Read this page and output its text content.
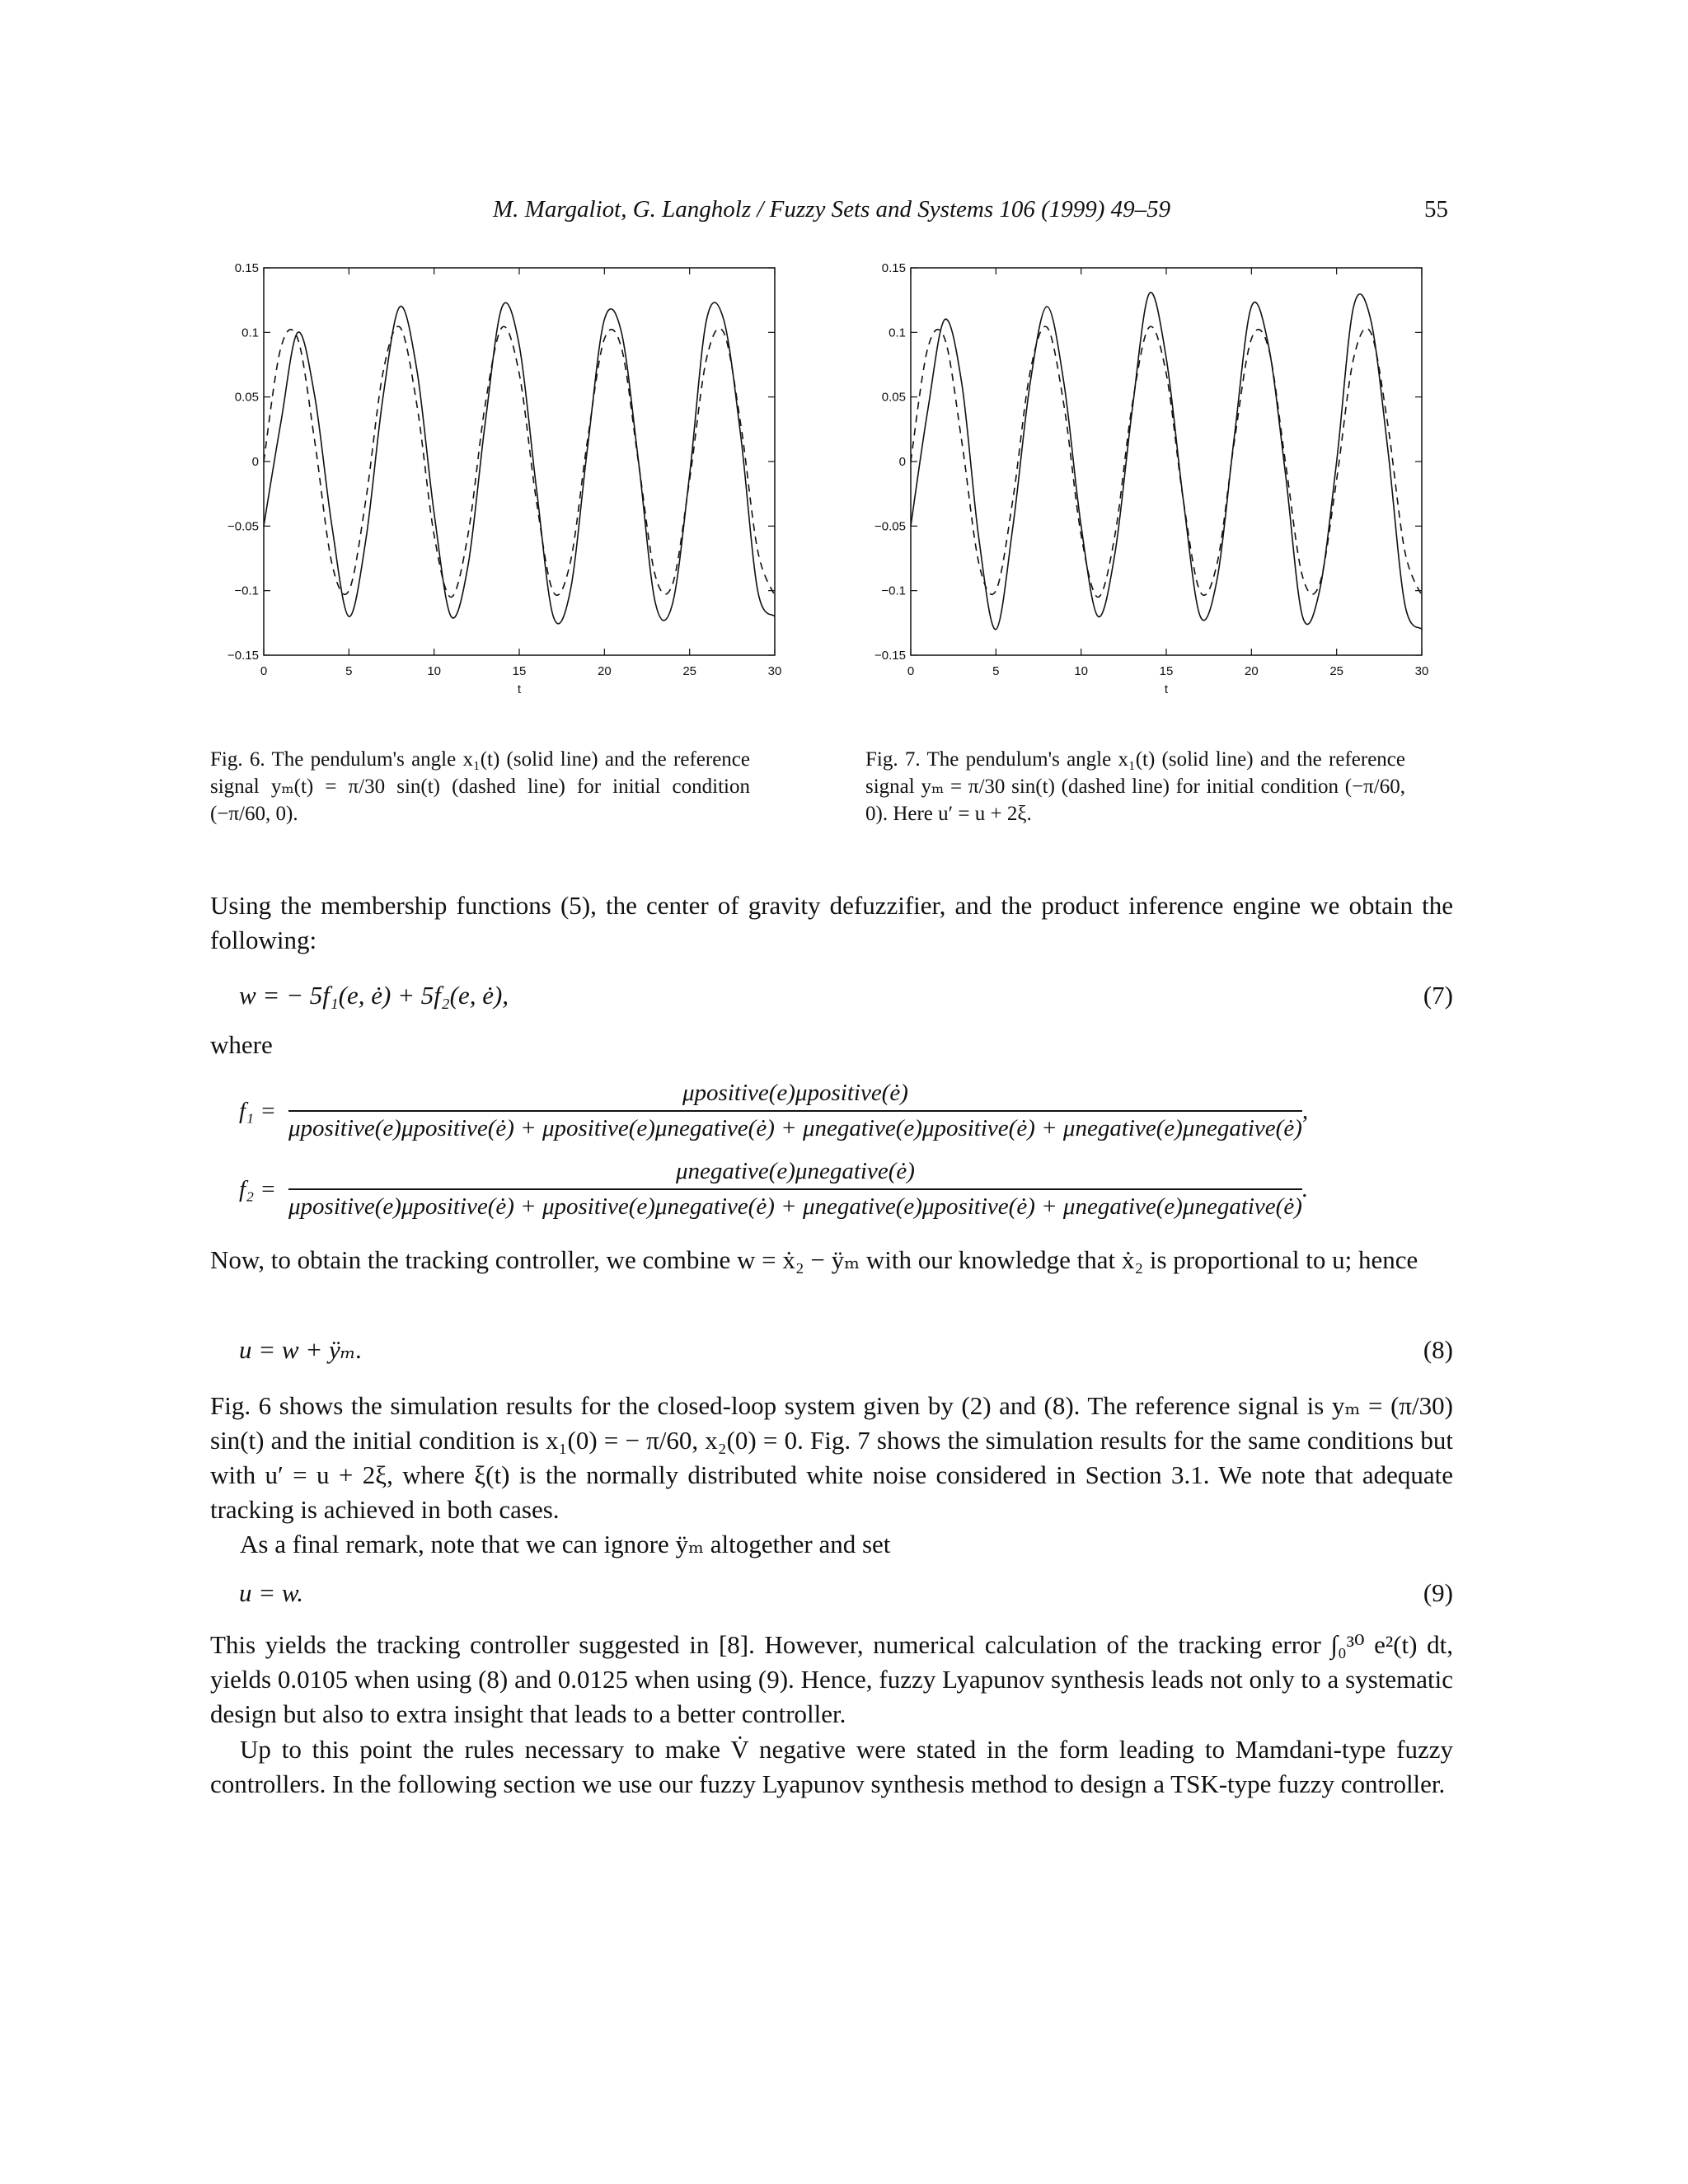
M. Margaliot, G. Langholz / Fuzzy Sets and Systems 106 (1999) 49–59	55
0	5	10	15	20	25	30
0.15
0.1
0.05
0
−0.05
−0.1
−0.15
t
0	5	10	15	20	25	30
0.15
0.1
0.05
0
−0.05
−0.1
−0.15
t
Fig. 6. The pendulum's angle x₁(t) (solid line) and the reference signal yₘ(t) = π/30 sin(t) (dashed line) for initial condition (−π/60, 0).
Fig. 7. The pendulum's angle x₁(t) (solid line) and the reference signal yₘ = π/30 sin(t) (dashed line) for initial condition (−π/60, 0). Here u′ = u + 2ξ.
Using the membership functions (5), the center of gravity defuzzifier, and the product inference engine we obtain the following:
w = − 5f₁(e, ė) + 5f₂(e, ė),	(7)
where
f₁ =
μpositive(e)μpositive(ė)
μpositive(e)μpositive(ė) + μpositive(e)μnegative(ė) + μnegative(e)μpositive(ė) + μnegative(e)μnegative(ė)
,
f₂ =
μnegative(e)μnegative(ė)
μpositive(e)μpositive(ė) + μpositive(e)μnegative(ė) + μnegative(e)μpositive(ė) + μnegative(e)μnegative(ė)
.
Now, to obtain the tracking controller, we combine w = ẋ₂ − ÿₘ with our knowledge that ẋ₂ is proportional to u; hence
u = w + ÿₘ.	(8)
Fig. 6 shows the simulation results for the closed-loop system given by (2) and (8). The reference signal is yₘ = (π/30) sin(t) and the initial condition is x₁(0) = − π/60, x₂(0) = 0. Fig. 7 shows the simulation results for the same conditions but with u′ = u + 2ξ, where ξ(t) is the normally distributed white noise considered in Section 3.1. We note that adequate tracking is achieved in both cases.
As a final remark, note that we can ignore ÿₘ altogether and set
u = w.	(9)
This yields the tracking controller suggested in [8]. However, numerical calculation of the tracking error ∫₀³⁰ e²(t) dt, yields 0.0105 when using (8) and 0.0125 when using (9). Hence, fuzzy Lyapunov synthesis leads not only to a systematic design but also to extra insight that leads to a better controller.
Up to this point the rules necessary to make V̇ negative were stated in the form leading to Mamdani-type fuzzy controllers. In the following section we use our fuzzy Lyapunov synthesis method to design a TSK-type fuzzy controller.
